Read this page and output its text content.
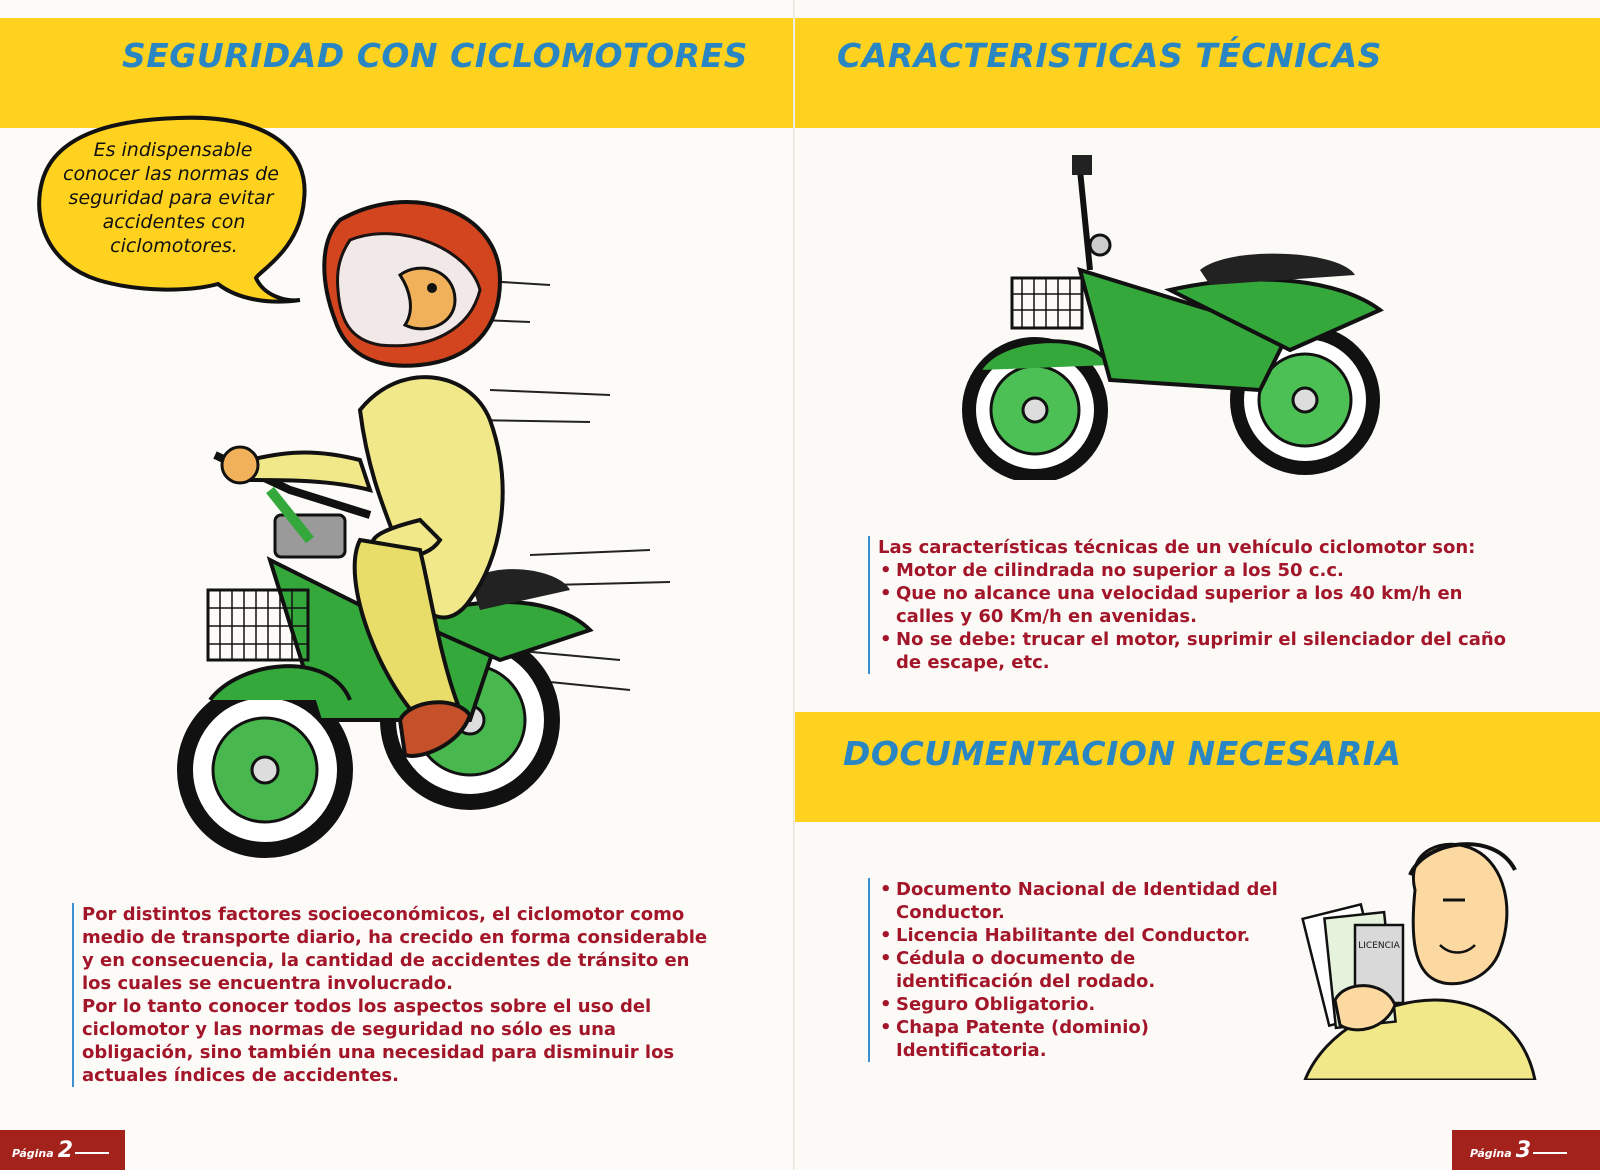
SEGURIDAD CON CICLOMOTORES
Es indispensable
conocer las normas de
seguridad para evitar
accidentes con
ciclomotores.

Por distintos factores socioeconómicos, el ciclomotor como medio de transporte diario, ha crecido en forma considerable y en consecuencia, la cantidad de accidentes de tránsito en los cuales se encuentra involucrado.

Por lo tanto conocer todos los aspectos sobre el uso del ciclomotor y las normas de seguridad no sólo es una obligación, sino también una necesidad para disminuir los actuales índices de accidentes.

Página 2
CARACTERISTICAS TÉCNICAS

Las características técnicas de un vehículo ciclomotor son:

• Motor de cilindrada no superior a los 50 c.c.
• Que no alcance una velocidad superior a los 40 km/h en calles y 60 Km/h en avenidas.
• No se debe: trucar el motor, suprimir el silenciador del caño de escape, etc.
DOCUMENTACION NECESARIA
• Documento Nacional de Identidad del Conductor.
• Licencia Habilitante del Conductor.
• Cédula o documento de identificación del rodado.
• Seguro Obligatorio.
• Chapa Patente (dominio) Identificatoria.
LICENCIA
Página 3
